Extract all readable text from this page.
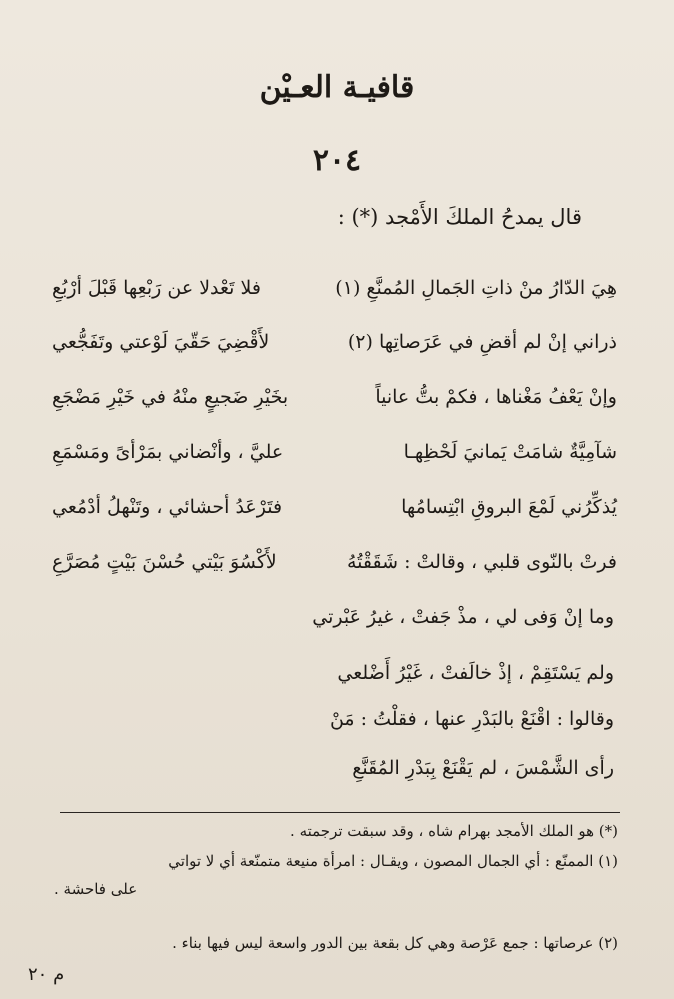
قافيـة العـيْن
٢٠٤
قال يمدحُ الملكَ الأَمْجد (*) :
هِيَ الدّارُ منْ ذاتِ الجَمالِ المُمنَّعِ (١)
فلا تَعْدلا عن رَبْعِها قَبْلَ أرْبُعِ
ذراني إنْ لم أقضِ في عَرَصاتِها (٢)
لأَقْضِيَ حَقّيَ لَوْعتي وتَفَجُّعي
وإنْ يَعْفُ مَغْناها ، فكمْ بتُّ عانياً
بخَيْرِ ضَجيعٍ منْهُ في خَيْرِ مَضْجَعِ
شآمِيَّةٌ شامَتْ يَمانيَ لَحْظِهـا
عليَّ ، وأنْضاني بمَرْأىً ومَسْمَعِ
يُذكِّرُني لَمْعَ البروقِ ابْتِسامُها
فتَرْعَدُ أحشائي ، وتَنْهلُ أدْمُعي
فرتْ بالنّوى قلبي ، وقالتْ : شَقَقْتُهُ
لأَكْسُوَ بَيْتي حُسْنَ بَيْتٍ مُصَرَّعِ
وما إنْ وَفى لي ، مذْ جَفتْ ، غيرُ عَبْرتي
ولم يَسْتَقِمْ ، إذْ خالَفتْ ، غَيْرُ أَضْلعي
وقالوا : اقْنَعْ بالبَدْرِ عنها ، فقلْتُ : مَنْ
رأى الشَّمْسَ ، لم يَقْنَعْ بِبَدْرِ المُقَنَّعِ
(*) هو الملك الأمجد بهرام شاه ، وقد سبقت ترجمته .
(١) الممنّع : أي الجمال المصون ، ويقـال : امرأة منيعة متمنّعة أي لا تواتي
على فاحشة .
(٢) عرصاتها : جمع عَرْصة وهي كل بقعة بين الدور واسعة ليس فيها بناء .
م ٢٠
